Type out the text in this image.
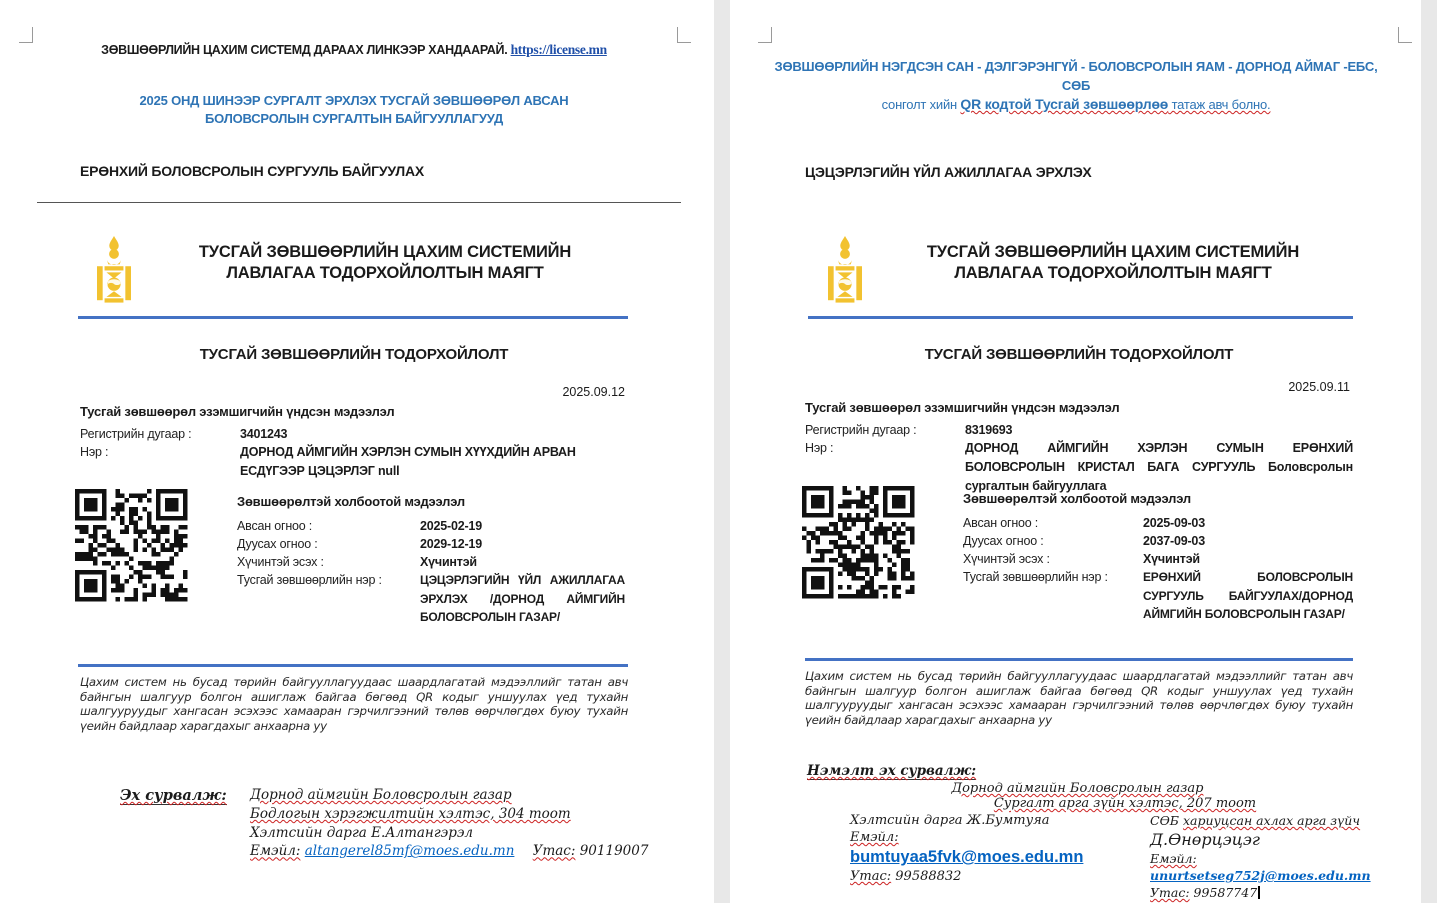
ЗӨВШӨӨРЛИЙН ЦАХИМ СИСТЕМД ДАРААХ ЛИНКЭЭР ХАНДААРАЙ. https://license.mn
2025 ОНД ШИНЭЭР СУРГАЛТ ЭРХЛЭХ ТУСГАЙ ЗӨВШӨӨРӨЛ АВСАН
БОЛОВСРОЛЫН СУРГАЛТЫН БАЙГУУЛЛАГУУД
ЕРӨНХИЙ БОЛОВСРОЛЫН СУРГУУЛЬ БАЙГУУЛАХ
ТУСГАЙ ЗӨВШӨӨРЛИЙН ЦАХИМ СИСТЕМИЙН
ЛАВЛАГАА ТОДОРХОЙЛОЛТЫН МАЯГТ
ТУСГАЙ ЗӨВШӨӨРЛИЙН ТОДОРХОЙЛОЛТ
2025.09.12
Тусгай зөвшөөрөл эзэмшигчийн үндсэн мэдээлэл
Регистрийн дугаар :	3401243
Нэр :	ДОРНОД АЙМГИЙН ХЭРЛЭН СУМЫН ХҮҮХДИЙН АРВАН ЕСДҮГЭЭР ЦЭЦЭРЛЭГ null
Зөвшөөрөлтэй холбоотой мэдээлэл
Авсан огноо :	2025-02-19
Дуусах огноо :	2029-12-19
Хүчинтэй эсэх :	Хүчинтэй
Тусгай зөвшөөрлийн нэр :	ЦЭЦЭРЛЭГИЙН ҮЙЛ АЖИЛЛАГАА ЭРХЛЭХ /ДОРНОД АЙМГИЙН БОЛОВСРОЛЫН ГАЗАР/
Цахим систем нь бусад төрийн байгууллагуудаас шаардлагатай мэдээллийг татан авч байнгын шалгуур болгон ашиглаж байгаа бөгөөд QR кодыг уншуулах үед тухайн шалгууруудыг хангасан эсэхээс хамааран гэрчилгээний төлөв өөрчлөгдөх буюу тухайн үеийн байдлаар харагдахыг анхаарна уу
Эх сурвалж: Дорнод аймгийн Боловсролын газар
Бодлогын хэрэгжилтийн хэлтэс, 304 тоот
Хэлтсийн дарга Е.Алтангэрэл
Емэйл: altangerel85mf@moes.edu.mn Утас: 90119007
ЗӨВШӨӨРЛИЙН НЭГДСЭН САН - ДЭЛГЭРЭНГҮЙ - БОЛОВСРОЛЫН ЯАМ - ДОРНОД АЙМАГ -ЕБС, СӨБ
сонголт хийн QR кодтой Тусгай зөвшөөрлөө татаж авч болно.
ЦЭЦЭРЛЭГИЙН ҮЙЛ АЖИЛЛАГАА ЭРХЛЭХ
ТУСГАЙ ЗӨВШӨӨРЛИЙН ЦАХИМ СИСТЕМИЙН
ЛАВЛАГАА ТОДОРХОЙЛОЛТЫН МАЯГТ
ТУСГАЙ ЗӨВШӨӨРЛИЙН ТОДОРХОЙЛОЛТ
2025.09.11
Тусгай зөвшөөрөл эзэмшигчийн үндсэн мэдээлэл
Регистрийн дугаар :	8319693
Нэр :	ДОРНОД АЙМГИЙН ХЭРЛЭН СУМЫН ЕРӨНХИЙ БОЛОВСРОЛЫН КРИСТАЛ БАГА СУРГУУЛЬ Боловсролын сургалтын байгууллага
Зөвшөөрөлтэй холбоотой мэдээлэл
Авсан огноо :	2025-09-03
Дуусах огноо :	2037-09-03
Хүчинтэй эсэх :	Хүчинтэй
Тусгай зөвшөөрлийн нэр :	ЕРӨНХИЙ БОЛОВСРОЛЫН СУРГУУЛЬ БАЙГУУЛАХ/ДОРНОД АЙМГИЙН БОЛОВСРОЛЫН ГАЗАР/
Цахим систем нь бусад төрийн байгууллагуудаас шаардлагатай мэдээллийг татан авч байнгын шалгуур болгон ашиглаж байгаа бөгөөд QR кодыг уншуулах үед тухайн шалгууруудыг хангасан эсэхээс хамааран гэрчилгээний төлөв өөрчлөгдөх буюу тухайн үеийн байдлаар харагдахыг анхаарна уу
Нэмэлт эх сурвалж:
Дорнод аймгийн Боловсролын газар
Сургалт арга зүйн хэлтэс, 207 тоот
Хэлтсийн дарга Ж.Бумтуяа
Емэйл:
bumtuyaa5fvk@moes.edu.mn
Утас: 99588832
СӨБ хариуцсан ахлах арга зүйч
Д.Өнөрцэцэг
Емэйл: unurtsetseg752j@moes.edu.mn
Утас: 99587747
